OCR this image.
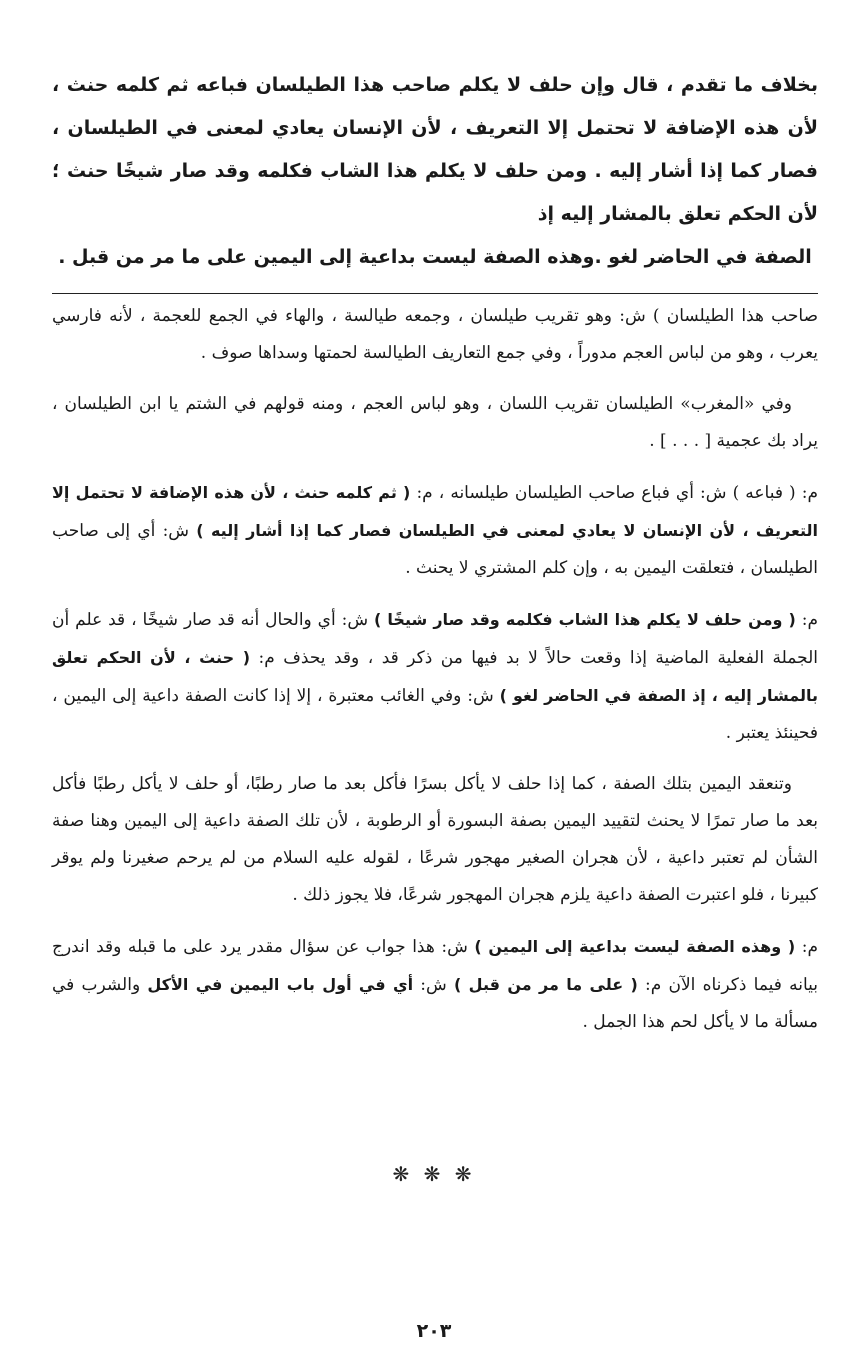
بخلاف ما تقدم ، قال وإن حلف لا يكلم صاحب هذا الطيلسان فباعه ثم كلمه حنث ، لأن هذه الإضافة لا تحتمل إلا التعريف ، لأن الإنسان يعادي لمعنى في الطيلسان ، فصار كما إذا أشار إليه . ومن حلف لا يكلم هذا الشاب فكلمه وقد صار شيخًا حنث ؛لأن الحكم تعلق بالمشار إليه إذ
الصفة في الحاضر لغو .وهذه الصفة ليست بداعية إلى اليمين على ما مر من قبل .

صاحب هذا الطيلسان ) ش: وهو تقريب طيلسان ، وجمعه طيالسة ، والهاء في الجمع للعجمة ، لأنه فارسي يعرب ، وهو من لباس العجم مدوراً ، وفي جمع التعاريف الطيالسة لحمتها وسداها صوف .

وفي «المغرب» الطيلسان تقريب اللسان ، وهو لباس العجم ، ومنه قولهم في الشتم يا ابن الطيلسان ، يراد بك عجمية [ . . . ] .

م: ( فباعه ) ش: أي فباع صاحب الطيلسان طيلسانه ، م: ( ثم كلمه حنث ، لأن هذه الإضافة لا تحتمل إلا التعريف ، لأن الإنسان لا يعادي لمعنى في الطيلسان فصار كما إذا أشار إليه ) ش: أي إلى صاحب الطيلسان ، فتعلقت اليمين به ، وإن كلم المشتري لا يحنث .

م: ( ومن حلف لا يكلم هذا الشاب فكلمه وقد صار شيخًا ) ش: أي والحال أنه قد صار شيخًا ، قد علم أن الجملة الفعلية الماضية إذا وقعت حالاً لا بد فيها من ذكر قد ، وقد يحذف م: ( حنث ، لأن الحكم تعلق بالمشار إليه ، إذ الصفة في الحاضر لغو ) ش: وفي الغائب معتبرة ، إلا إذا كانت الصفة داعية إلى اليمين ، فحينئذ يعتبر .

وتنعقد اليمين بتلك الصفة ، كما إذا حلف لا يأكل بسرًا فأكل بعد ما صار رطبًا، أو حلف لا يأكل رطبًا فأكل بعد ما صار تمرًا لا يحنث لتقييد اليمين بصفة البسورة أو الرطوبة ، لأن تلك الصفة داعية إلى اليمين وهنا صفة الشأن لم تعتبر داعية ، لأن هجران الصغير مهجور شرعًا ، لقوله عليه السلام من لم يرحم صغيرنا ولم يوقر كبيرنا ، فلو اعتبرت الصفة داعية يلزم هجران المهجور شرعًا، فلا يجوز ذلك .

م: ( وهذه الصفة ليست بداعية إلى اليمين ) ش: هذا جواب عن سؤال مقدر يرد على ما قبله وقد اندرج بيانه فيما ذكرناه الآن م: ( على ما مر من قبل ) ش: أي في أول باب اليمين في الأكل والشرب في مسألة ما لا يأكل لحم هذا الجمل .

❋ ❋ ❋
٢٠٣
